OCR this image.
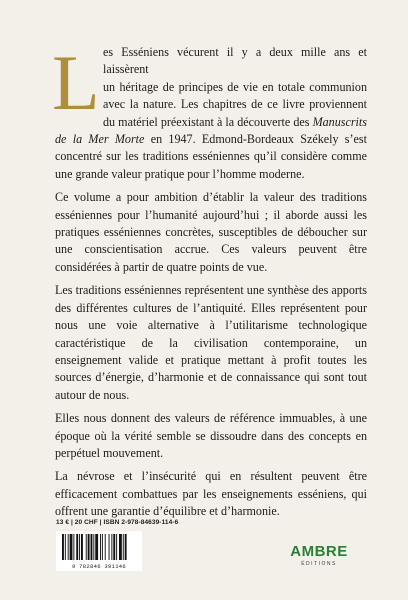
L es Esséniens vécurent il y a deux mille ans et laissèrent
un héritage de principes de vie en totale communion
avec la nature. Les chapitres de ce livre proviennent
du matériel préexistant à la découverte des Manuscrits
de la Mer Morte en 1947. Edmond-Bordeaux Székely s’est
concentré sur les traditions esséniennes qu’il considère comme une grande valeur pratique pour l’homme moderne.

Ce volume a pour ambition d’établir la valeur des traditions esséniennes pour l’humanité aujourd’hui ; il aborde aussi les pratiques esséniennes concrètes, susceptibles de déboucher sur une conscientisation accrue. Ces valeurs peuvent être considérées à partir de quatre points de vue.

Les traditions esséniennes représentent une synthèse des apports des différentes cultures de l’antiquité. Elles représentent pour nous une voie alternative à l’utilitarisme technologique caractéristique de la civilisation contemporaine, un enseignement valide et pratique mettant à profit toutes les sources d’énergie, d’harmonie et de connaissance qui sont tout autour de nous.

Elles nous donnent des valeurs de référence immuables, à une époque où la vérité semble se dissoudre dans des concepts en perpétuel mouvement.

La névrose et l’insécurité qui en résultent peuvent être efficacement combattues par les enseignements esséniens, qui offrent une garantie d’équilibre et d’harmonie.

13 € | 20 CHF | ISBN 2-978-84639-114-6
9 782846 391146
AMBRE
ÉDITIONS
